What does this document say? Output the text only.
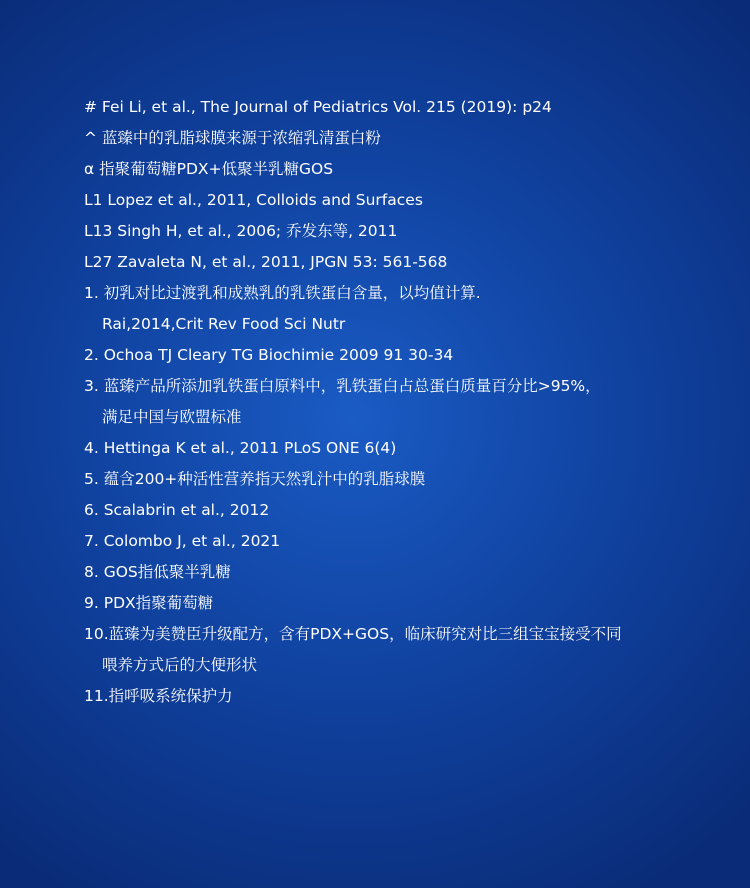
# Fei Li, et al., The Journal of Pediatrics Vol. 215 (2019): p24
^ 蓝臻中的乳脂球膜来源于浓缩乳清蛋白粉
α 指聚葡萄糖PDX+低聚半乳糖GOS
L1 Lopez et al., 2011, Colloids and Surfaces
L13 Singh H, et al., 2006; 乔发东等, 2011
L27 Zavaleta N, et al., 2011, JPGN 53: 561-568
1. 初乳对比过渡乳和成熟乳的乳铁蛋白含量，以均值计算.
Rai,2014,Crit Rev Food Sci Nutr
2. Ochoa TJ Cleary TG Biochimie 2009 91 30-34
3. 蓝臻产品所添加乳铁蛋白原料中，乳铁蛋白占总蛋白质量百分比>95%，
满足中国与欧盟标准
4. Hettinga K et al., 2011 PLoS ONE 6(4)
5. 蕴含200+种活性营养指天然乳汁中的乳脂球膜
6. Scalabrin et al., 2012
7. Colombo J, et al., 2021
8. GOS指低聚半乳糖
9. PDX指聚葡萄糖
10.蓝臻为美赞臣升级配方，含有PDX+GOS，临床研究对比三组宝宝接受不同
喂养方式后的大便形状
11.指呼吸系统保护力
